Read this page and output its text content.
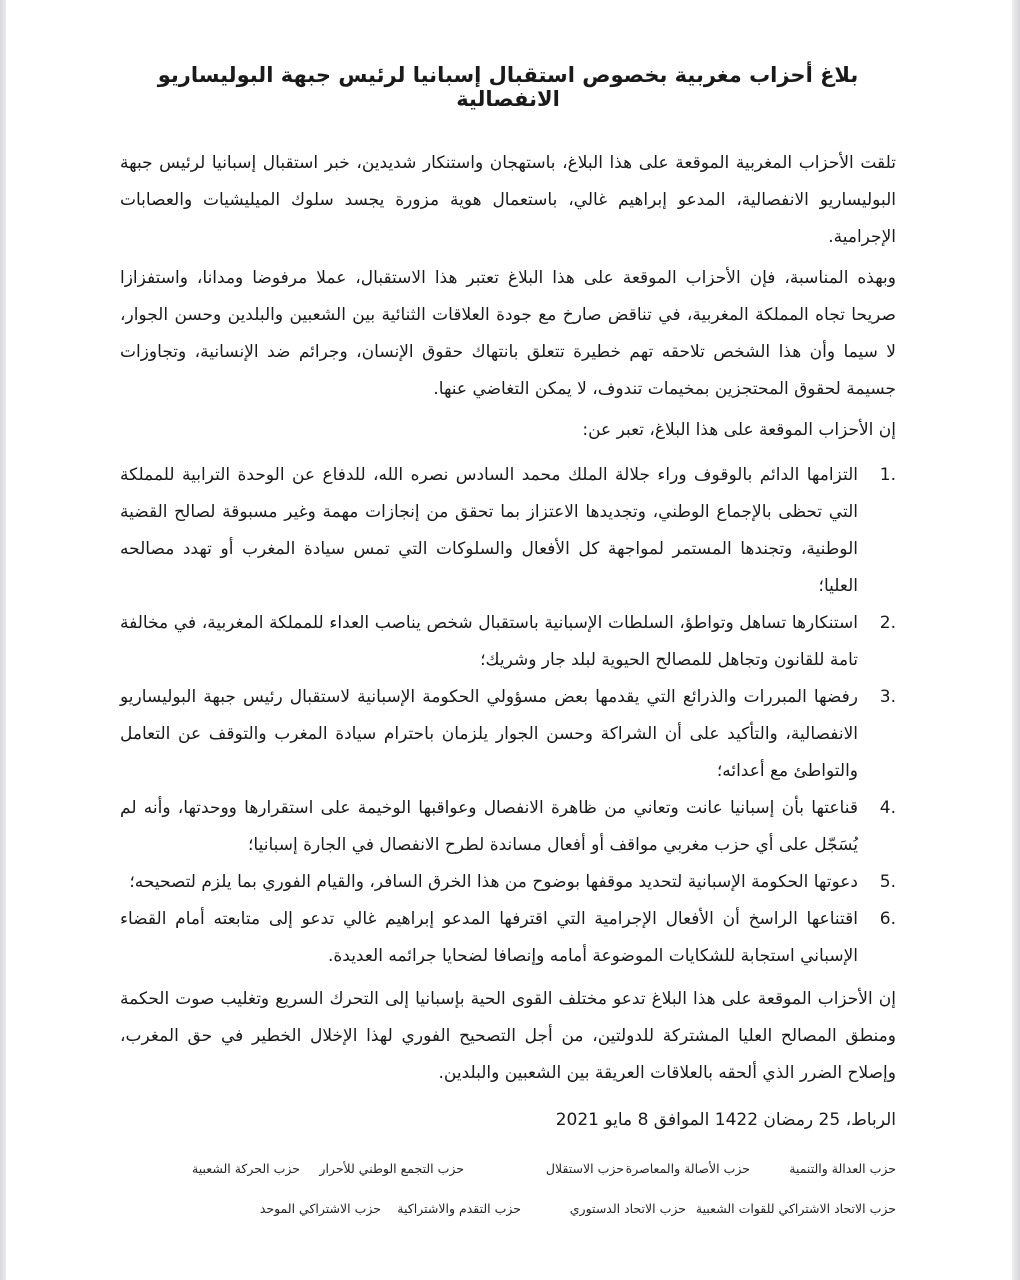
بلاغ أحزاب مغربية بخصوص استقبال إسبانيا لرئيس جبهة البوليساريو الانفصالية

تلقت الأحزاب المغربية الموقعة على هذا البلاغ، باستهجان واستنكار شديدين، خبر استقبال إسبانيا لرئيس جبهة البوليساريو الانفصالية، المدعو إبراهيم غالي، باستعمال هوية مزورة يجسد سلوك الميليشيات والعصابات الإجرامية.

وبهذه المناسبة، فإن الأحزاب الموقعة على هذا البلاغ تعتبر هذا الاستقبال، عملا مرفوضا ومدانا، واستفزازا صريحا تجاه المملكة المغربية، في تناقض صارخ مع جودة العلاقات الثنائية بين الشعبين والبلدين وحسن الجوار، لا سيما وأن هذا الشخص تلاحقه تهم خطيرة تتعلق بانتهاك حقوق الإنسان، وجرائم ضد الإنسانية، وتجاوزات جسيمة لحقوق المحتجزين بمخيمات تندوف، لا يمكن التغاضي عنها.

إن الأحزاب الموقعة على هذا البلاغ، تعبر عن:

1.
التزامها الدائم بالوقوف وراء جلالة الملك محمد السادس نصره الله، للدفاع عن الوحدة الترابية للمملكة التي تحظى بالإجماع الوطني، وتجديدها الاعتزاز بما تحقق من إنجازات مهمة وغير مسبوقة لصالح القضية الوطنية، وتجندها المستمر لمواجهة كل الأفعال والسلوكات التي تمس سيادة المغرب أو تهدد مصالحه العليا؛
2.
استنكارها تساهل وتواطؤ، السلطات الإسبانية باستقبال شخص يناصب العداء للمملكة المغربية، في مخالفة تامة للقانون وتجاهل للمصالح الحيوية لبلد جار وشريك؛
3.
رفضها المبررات والذرائع التي يقدمها بعض مسؤولي الحكومة الإسبانية لاستقبال رئيس جبهة البوليساريو الانفصالية، والتأكيد على أن الشراكة وحسن الجوار يلزمان باحترام سيادة المغرب والتوقف عن التعامل والتواطئ مع أعدائه؛
4.
قناعتها بأن إسبانيا عانت وتعاني من ظاهرة الانفصال وعواقبها الوخيمة على استقرارها ووحدتها، وأنه لم يُسَجّل على أي حزب مغربي مواقف أو أفعال مساندة لطرح الانفصال في الجارة إسبانيا؛
5.
دعوتها الحكومة الإسبانية لتحديد موقفها بوضوح من هذا الخرق السافر، والقيام الفوري بما يلزم لتصحيحه؛
6.
اقتناعها الراسخ أن الأفعال الإجرامية التي اقترفها المدعو إبراهيم غالي تدعو إلى متابعته أمام القضاء الإسباني استجابة للشكايات الموضوعة أمامه وإنصافا لضحايا جرائمه العديدة.

إن الأحزاب الموقعة على هذا البلاغ تدعو مختلف القوى الحية بإسبانيا إلى التحرك السريع وتغليب صوت الحكمة ومنطق المصالح العليا المشتركة للدولتين، من أجل التصحيح الفوري لهذا الإخلال الخطير في حق المغرب، وإصلاح الضرر الذي ألحقه بالعلاقات العريقة بين الشعبين والبلدين.

الرباط، 25 رمضان 1422 الموافق 8 مايو 2021

حزب العدالة والتنمية
حزب الأصالة والمعاصرة
حزب الاستقلال
حزب التجمع الوطني للأحرار
حزب الحركة الشعبية
حزب الاتحاد الاشتراكي للقوات الشعبية
حزب الاتحاد الدستوري
حزب التقدم والاشتراكية
حزب الاشتراكي الموحد
